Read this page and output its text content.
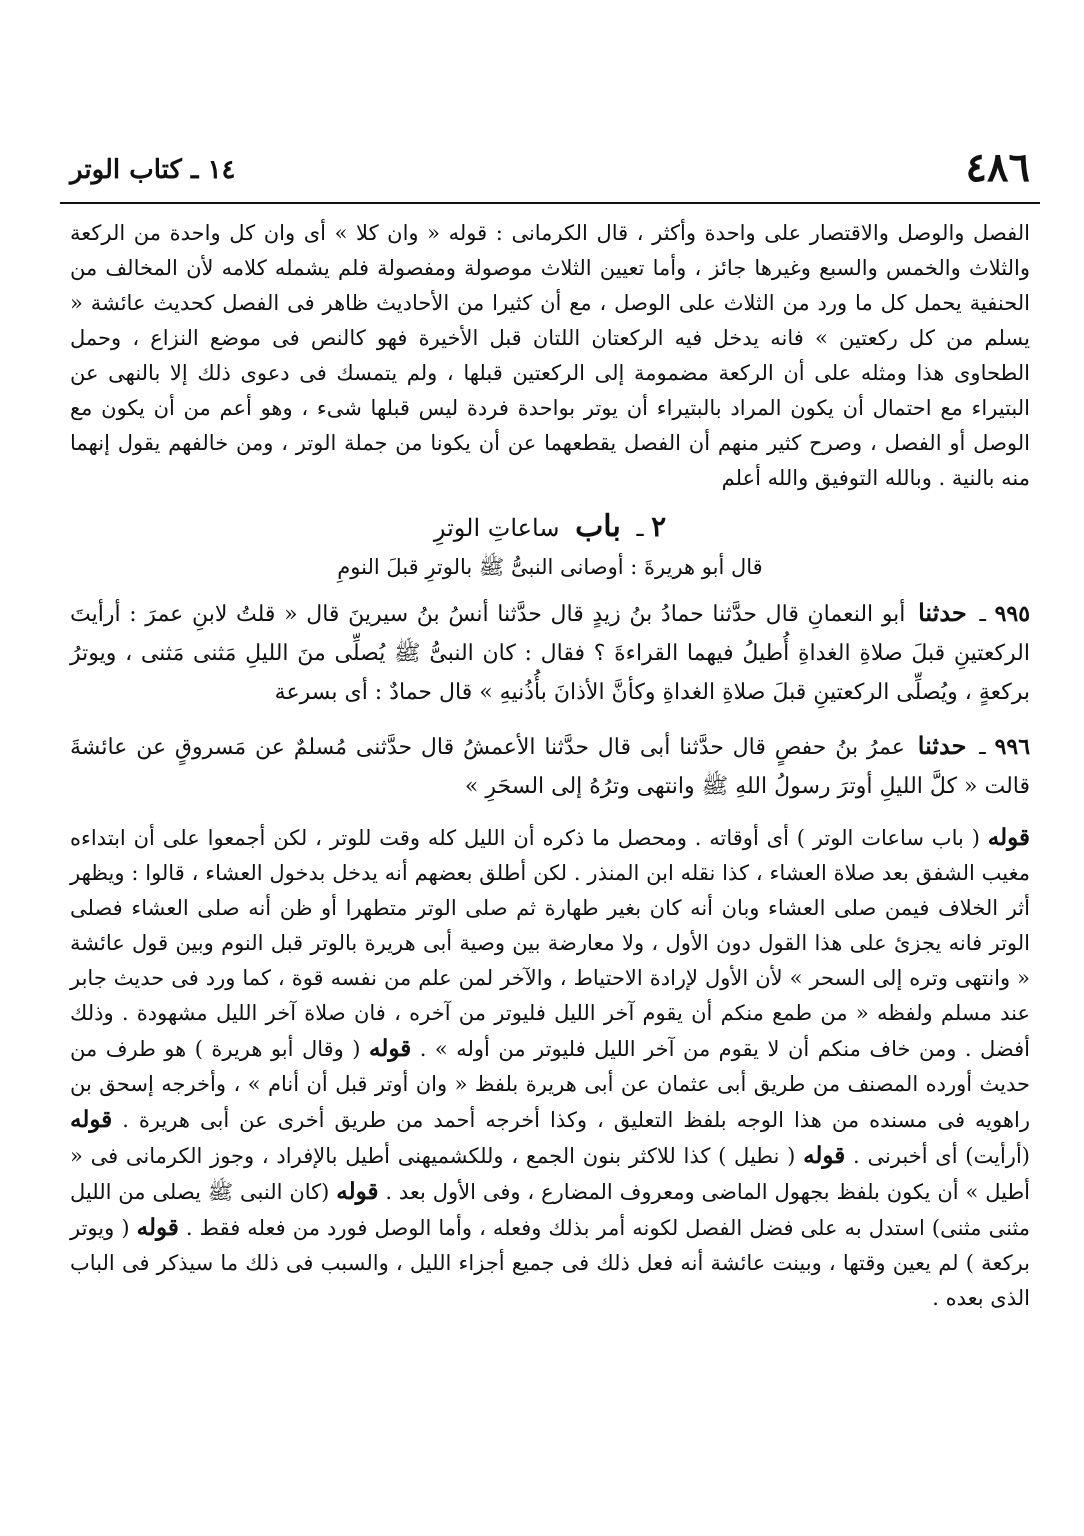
٤٨٦
١٤ ـ كتاب الوتر

الفصل والوصل والاقتصار على واحدة وأكثر ، قال الكرمانى : قوله « وان كلا » أى وان كل واحدة من الركعة والثلاث والخمس والسبع وغيرها جائز ، وأما تعيين الثلاث موصولة ومفصولة فلم يشمله كلامه لأن المخالف من الحنفية يحمل كل ما ورد من الثلاث على الوصل ، مع أن كثيرا من الأحاديث ظاهر فى الفصل كحديث عائشة « يسلم من كل ركعتين » فانه يدخل فيه الركعتان اللتان قبل الأخيرة فهو كالنص فى موضع النزاع ، وحمل الطحاوى هذا ومثله على أن الركعة مضمومة إلى الركعتين قبلها ، ولم يتمسك فى دعوى ذلك إلا بالنهى عن البتيراء مع احتمال أن يكون المراد بالبتيراء أن يوتر بواحدة فردة ليس قبلها شىء ، وهو أعم من أن يكون مع الوصل أو الفصل ، وصرح كثير منهم أن الفصل يقطعهما عن أن يكونا من جملة الوتر ، ومن خالفهم يقول إنهما منه بالنية . وبالله التوفيق والله أعلم

٢ ـ باب ساعاتِ الوترِ
قال أبو هريرةَ : أوصانى النبىُّ ﷺ بالوترِ قبلَ النومِ

٩٩٥ ـ حدثنا أبو النعمانِ قال حدَّثنا حمادُ بنُ زيدٍ قال حدَّثنا أنسُ بنُ سيرينَ قال « قلتُ لابنِ عمرَ : أرأيتَ الركعتينِ قبلَ صلاةِ الغداةِ أُطيلُ فيهما القراءةَ ؟ فقال : كان النبىُّ ﷺ يُصلِّى منَ الليلِ مَثنى مَثنى ، ويوترُ بركعةٍ ، ويُصلِّى الركعتينِ قبلَ صلاةِ الغداةِ وكأنَّ الأذانَ بأُذُنيهِ » قال حمادٌ : أى بسرعة

٩٩٦ ـ حدثنا عمرُ بنُ حفصٍ قال حدَّثنا أبى قال حدَّثنا الأعمشُ قال حدَّثنى مُسلمٌ عن مَسروقٍ عن عائشةَ قالت « كلَّ الليلِ أوترَ رسولُ اللهِ ﷺ وانتهى وترُهُ إلى السحَرِ »

قوله ( باب ساعات الوتر ) أى أوقاته . ومحصل ما ذكره أن الليل كله وقت للوتر ، لكن أجمعوا على أن ابتداءه مغيب الشفق بعد صلاة العشاء ، كذا نقله ابن المنذر . لكن أطلق بعضهم أنه يدخل بدخول العشاء ، قالوا : ويظهر أثر الخلاف فيمن صلى العشاء وبان أنه كان بغير طهارة ثم صلى الوتر متطهرا أو ظن أنه صلى العشاء فصلى الوتر فانه يجزئ على هذا القول دون الأول ، ولا معارضة بين وصية أبى هريرة بالوتر قبل النوم وبين قول عائشة « وانتهى وتره إلى السحر » لأن الأول لإرادة الاحتياط ، والآخر لمن علم من نفسه قوة ، كما ورد فى حديث جابر عند مسلم ولفظه « من طمع منكم أن يقوم آخر الليل فليوتر من آخره ، فان صلاة آخر الليل مشهودة . وذلك أفضل . ومن خاف منكم أن لا يقوم من آخر الليل فليوتر من أوله » . قوله ( وقال أبو هريرة ) هو طرف من حديث أورده المصنف من طريق أبى عثمان عن أبى هريرة بلفظ « وان أوتر قبل أن أنام » ، وأخرجه إسحق بن راهويه فى مسنده من هذا الوجه بلفظ التعليق ، وكذا أخرجه أحمد من طريق أخرى عن أبى هريرة . قوله (أرأيت) أى أخبرنى . قوله ( نطيل ) كذا للاكثر بنون الجمع ، وللكشميهنى أطيل بالإفراد ، وجوز الكرمانى فى « أطيل » أن يكون بلفظ بجهول الماضى ومعروف المضارع ، وفى الأول بعد . قوله (كان النبى ﷺ يصلى من الليل مثنى مثنى) استدل به على فضل الفصل لكونه أمر بذلك وفعله ، وأما الوصل فورد من فعله فقط . قوله ( ويوتر بركعة ) لم يعين وقتها ، وبينت عائشة أنه فعل ذلك فى جميع أجزاء الليل ، والسبب فى ذلك ما سيذكر فى الباب الذى بعده .
